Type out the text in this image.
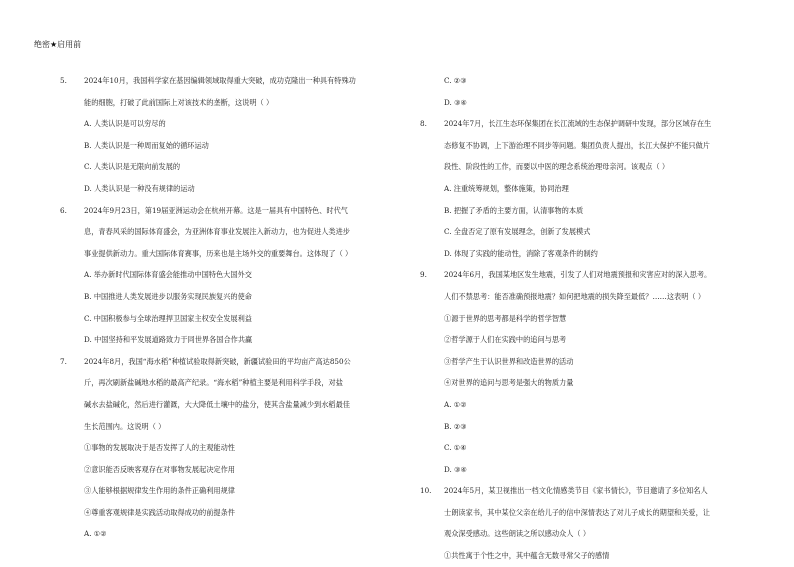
绝密★启用前
5.	2024年10月，我国科学家在基因编辑领域取得重大突破，成功克隆出一种具有特殊功
能的细胞，打破了此前国际上对该技术的垄断，这说明（ ）
A. 人类认识是可以穷尽的
B. 人类认识是一种周而复始的循环运动
C. 人类认识是无限向前发展的
D. 人类认识是一种没有规律的运动
6.	2024年9月23日，第19届亚洲运动会在杭州开幕。这是一届具有中国特色、时代气
息，青春风采的国际体育盛会，为亚洲体育事业发展注入新动力，也为促进人类进步
事业提供新动力。重大国际体育赛事，历来也是主场外交的重要舞台。这体现了（ ）
A. 举办新时代国际体育盛会能推动中国特色大国外交
B. 中国推进人类发展进步以服务实现民族复兴的使命
C. 中国积极参与全球治理捍卫国家主权安全发展利益
D. 中国坚持和平发展道路致力于同世界各国合作共赢
7.	2024年8月，我国“海水稻”种植试验取得新突破，新疆试验田的平均亩产高达850公
斤，再次刷新盐碱地水稻的最高产纪录。“海水稻”种植主要是利用科学手段，对盐
碱水去盐碱化，然后进行灌溉，大大降低土壤中的盐分，使其含盐量减少到水稻最佳
生长范围内。这说明（ ）
①事物的发展取决于是否发挥了人的主观能动性
②意识能否反映客观存在对事物发展起决定作用
③人能够根据规律发生作用的条件正确利用规律
④尊重客观规律是实践活动取得成功的前提条件
A. ①②
C. ②③
D. ③④
8.	2024年7月，长江生态环保集团在长江流域的生态保护调研中发现，部分区域存在生
态修复不协调，上下游治理不同步等问题。集团负责人提出，长江大保护不能只做片
段性、阶段性的工作，而要以中医的理念系统治理母亲河。该观点（ ）
A. 注重统筹规划，整体施策，协同治理
B. 把握了矛盾的主要方面，认清事物的本质
C. 全盘否定了原有发展理念，创新了发展模式
D. 体现了实践的能动性，消除了客观条件的制约
9.	2024年6月，我国某地区发生地震，引发了人们对地震预报和灾害应对的深入思考。
人们不禁思考：能否准确预报地震？如何把地震的损失降至最低？……这表明（ ）
①源于世界的思考都是科学的哲学智慧
②哲学源于人们在实践中的追问与思考
③哲学产生于认识世界和改造世界的活动
④对世界的追问与思考是强大的物质力量
A. ①②
B. ②③
C. ①④
D. ③④
10.	2024年5月，某卫视推出一档文化情感类节目《家书情长》，节目邀请了多位知名人
士朗读家书，其中某位父亲在给儿子的信中深情表达了对儿子成长的期望和关爱，让
观众深受感动。这些朗读之所以感动众人（ ）
①共性寓于个性之中，其中蕴含无数寻常父子的感情
